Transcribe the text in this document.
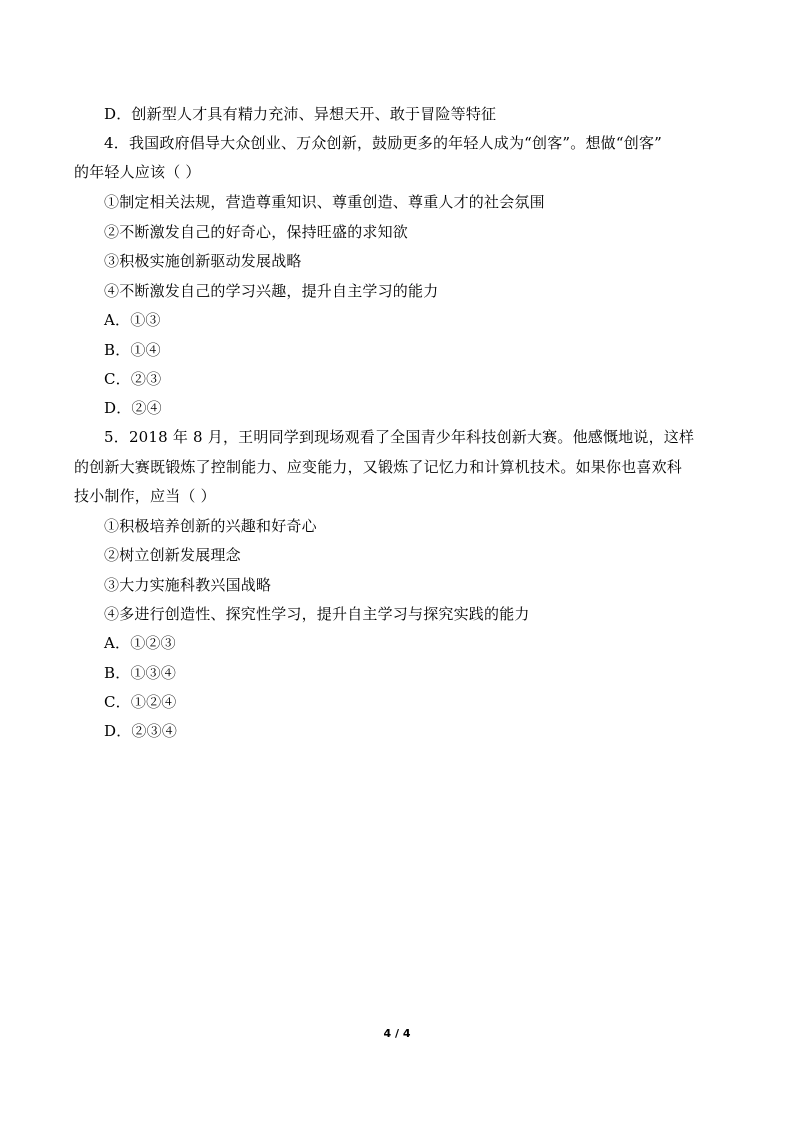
D．创新型人才具有精力充沛、异想天开、敢于冒险等特征
4．我国政府倡导大众创业、万众创新，鼓励更多的年轻人成为“创客”。想做“创客”
的年轻人应该（ ）
①制定相关法规，营造尊重知识、尊重创造、尊重人才的社会氛围
②不断激发自己的好奇心，保持旺盛的求知欲
③积极实施创新驱动发展战略
④不断激发自己的学习兴趣，提升自主学习的能力
A．①③
B．①④
C．②③
D．②④
5．2018 年 8 月，王明同学到现场观看了全国青少年科技创新大赛。他感慨地说，这样
的创新大赛既锻炼了控制能力、应变能力，又锻炼了记忆力和计算机技术。如果你也喜欢科
技小制作，应当（ ）
①积极培养创新的兴趣和好奇心
②树立创新发展理念
③大力实施科教兴国战略
④多进行创造性、探究性学习，提升自主学习与探究实践的能力
A．①②③
B．①③④
C．①②④
D．②③④
4 / 4
